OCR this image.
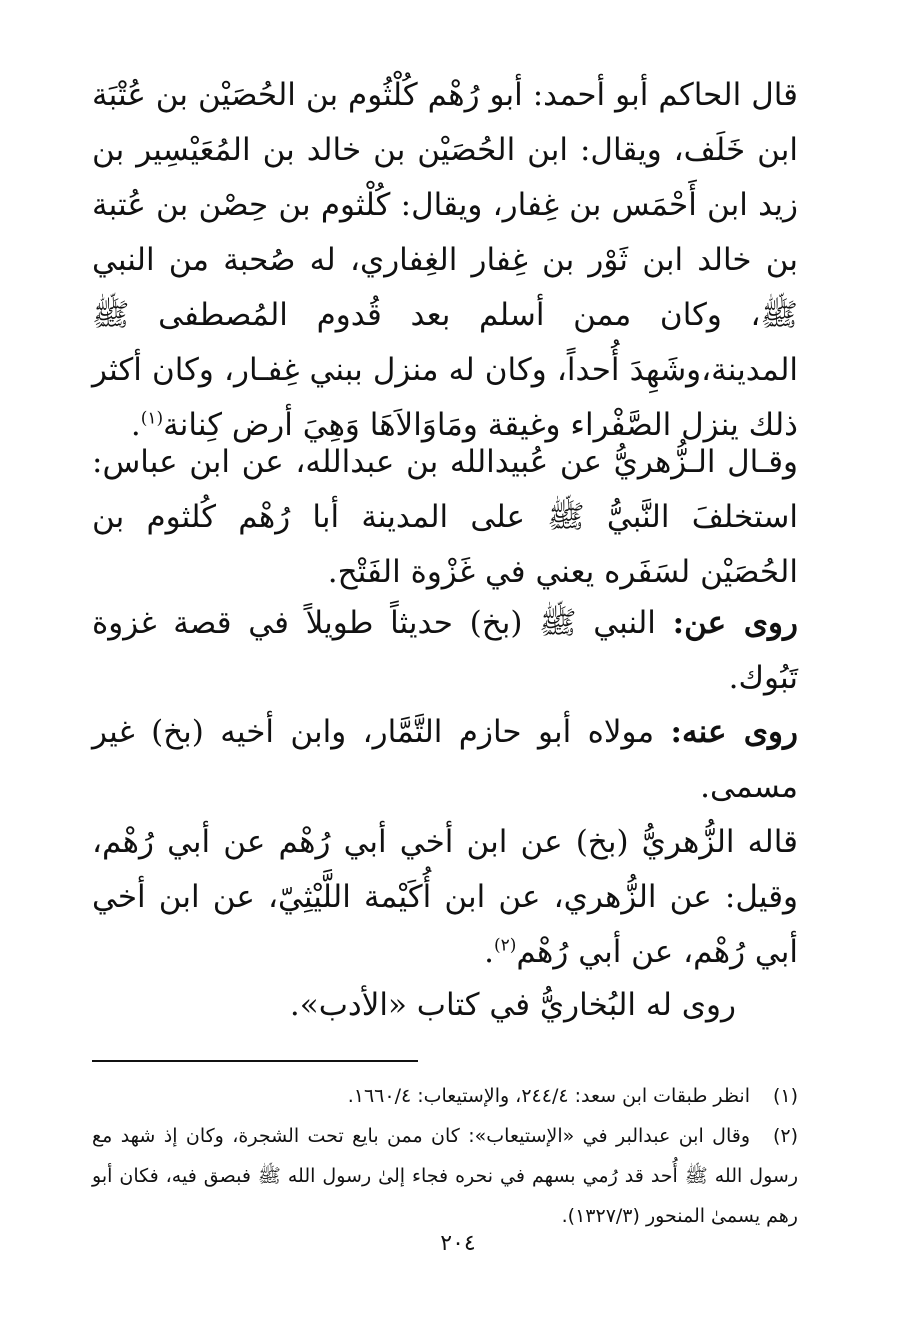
قال الحاكم أبو أحمد: أبو رُهْم كُلْثُوم بن الحُصَيْن بن عُتْبَة ابن خَلَف، ويقال: ابن الحُصَيْن بن خالد بن المُعَيْسِير بن زيد ابن أَحْمَس بن غِفار، ويقال: كُلْثوم بن حِصْن بن عُتبة بن خالد ابن ثَوْر بن غِفار الغِفاري، له صُحبة من النبي ﷺ، وكان ممن أسلم بعد قُدوم المُصطفى ﷺ المدينة،وشَهِدَ أُحداً، وكان له منزل ببني غِفـار، وكان أكثر ذلك ينزل الصَّفْراء وغيقة ومَاوَالاَهَا وَهِيَ أرض كِنانة$^{(١)}$.

وقـال الـزُّهريُّ عن عُبيدالله بن عبدالله، عن ابن عباس: استخلفَ النَّبيُّ ﷺ على المدينة أبا رُهْم كُلثوم بن الحُصَيْن لسَفَره يعني في غَزْوة الفَتْح.

روى عن: النبي ﷺ (بخ) حديثاً طويلاً في قصة غزوة تَبُوك.

روى عنه: مولاه أبو حازم التَّمَّار، وابن أخيه (بخ) غير مسمى.

قاله الزُّهريُّ (بخ) عن ابن أخي أبي رُهْم عن أبي رُهْم، وقيل: عن الزُّهري، عن ابن أُكَيْمة اللَّيْثِيّ، عن ابن أخي أبي رُهْم، عن أبي رُهْم$^{(٢)}$.

روى له البُخاريُّ في كتاب «الأدب».

(١)انظر طبقات ابن سعد: ٢٤٤/٤، والإستيعاب: ١٦٦٠/٤.

(٢)وقال ابن عبدالبر في «الإستيعاب»: كان ممن بايع تحت الشجرة، وكان إذ شهد مع رسول الله ﷺ أُحد قد رُمي بسهم في نحره فجاء إلىٰ رسول الله ﷺ فبصق فيه، فكان أبو رهم يسمىٰ المنحور (١٣٢٧/٣).

٢٠٤
